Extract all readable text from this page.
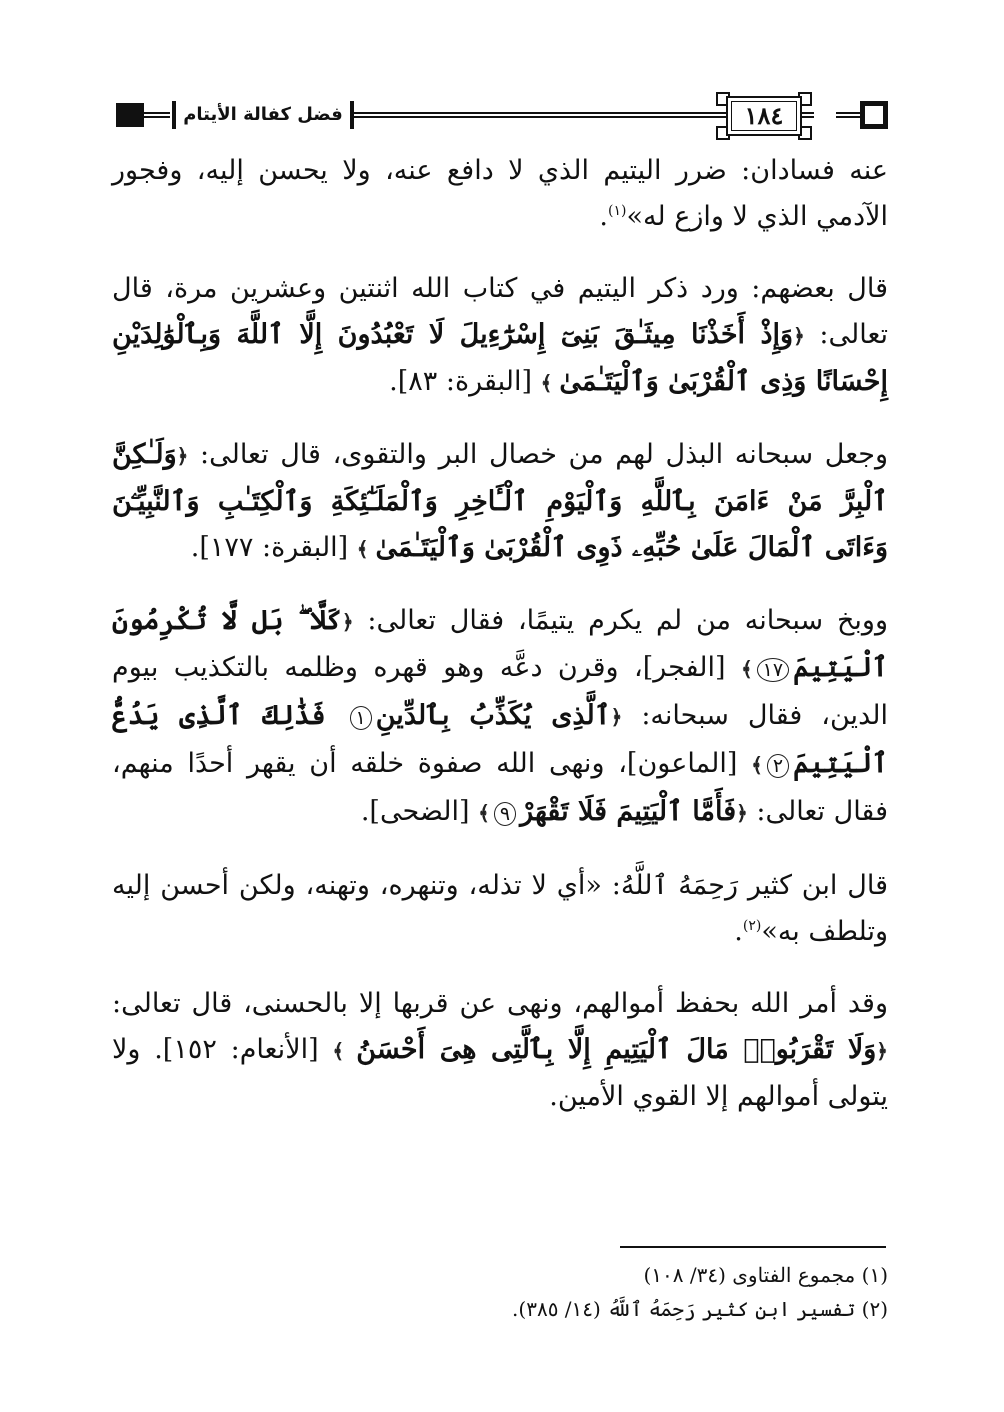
فضل كفالة الأيتام	١٨٤

عنه فسادان: ضرر اليتيم الذي لا دافع عنه، ولا يحسن إليه، وفجور الآدمي الذي لا وازع له»$^{(١)}$.

قال بعضهم: ورد ذكر اليتيم في كتاب الله اثنتين وعشرين مرة، قال تعالى: ﴿وَإِذْ أَخَذْنَا مِيثَـٰقَ بَنِىٓ إِسْرَٰٓءِيلَ لَا تَعْبُدُونَ إِلَّا ٱللَّهَ وَبِٱلْوَٰلِدَيْنِ إِحْسَانًا وَذِى ٱلْقُرْبَىٰ وَٱلْيَتَـٰمَىٰ ﴾ [البقرة: ٨٣].

وجعل سبحانه البذل لهم من خصال البر والتقوى، قال تعالى: ﴿وَلَـٰكِنَّ ٱلْبِرَّ مَنْ ءَامَنَ بِٱللَّهِ وَٱلْيَوْمِ ٱلْـَٔاخِرِ وَٱلْمَلَـٰٓئِكَةِ وَٱلْكِتَـٰبِ وَٱلنَّبِيِّـۧنَ وَءَاتَى ٱلْمَالَ عَلَىٰ حُبِّهِۦ ذَوِى ٱلْقُرْبَىٰ وَٱلْيَتَـٰمَىٰ ﴾ [البقرة: ١٧٧].

ووبخ سبحانه من لم يكرم يتيمًا، فقال تعالى: ﴿كَلَّا ۖ بَل لَّا تُكْرِمُونَ ٱلْيَتِيمَ١٧﴾ [الفجر]، وقرن دعَّه وهو قهره وظلمه بالتكذيب بيوم الدين، فقال سبحانه: ﴿ٱلَّذِى يُكَذِّبُ بِٱلدِّينِ١ فَذَٰلِكَ ٱلَّذِى يَدُعُّ ٱلْيَتِيمَ٢﴾ [الماعون]، ونهى الله صفوة خلقه أن يقهر أحدًا منهم، فقال تعالى: ﴿فَأَمَّا ٱلْيَتِيمَ فَلَا تَقْهَرْ٩﴾ [الضحى].

قال ابن كثير رَحِمَهُ ٱللَّهُ: «أي لا تذله، وتنهره، وتهنه، ولكن أحسن إليه وتلطف به»$^{(٢)}$.

وقد أمر الله بحفظ أموالهم، ونهى عن قربها إلا بالحسنى، قال تعالى: ﴿وَلَا تَقْرَبُوا۟ مَالَ ٱلْيَتِيمِ إِلَّا بِٱلَّتِى هِىَ أَحْسَنُ ﴾ [الأنعام: ١٥٢]. ولا يتولى أموالهم إلا القوي الأمين.

(١) مجموع الفتاوى (٣٤/ ١٠٨)

(٢) تفسير ابن كثير رَحِمَهُ ٱللَّهُ (١٤/ ٣٨٥).
